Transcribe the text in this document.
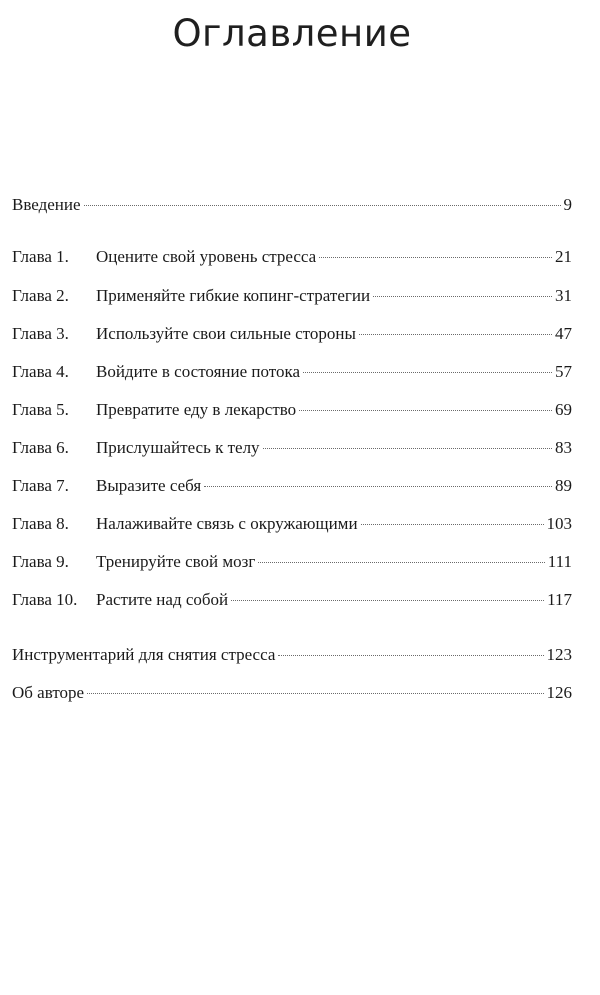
Оглавление
Введение	9
Глава 1.	Оцените свой уровень стресса	21
Глава 2.	Применяйте гибкие копинг-стратегии	31
Глава 3.	Используйте свои сильные стороны	47
Глава 4.	Войдите в состояние потока	57
Глава 5.	Превратите еду в лекарство	69
Глава 6.	Прислушайтесь к телу	83
Глава 7.	Выразите себя	89
Глава 8.	Налаживайте связь с окружающими	103
Глава 9.	Тренируйте свой мозг	111
Глава 10.	Растите над собой	117
Инструментарий для снятия стресса	123
Об авторе	126
